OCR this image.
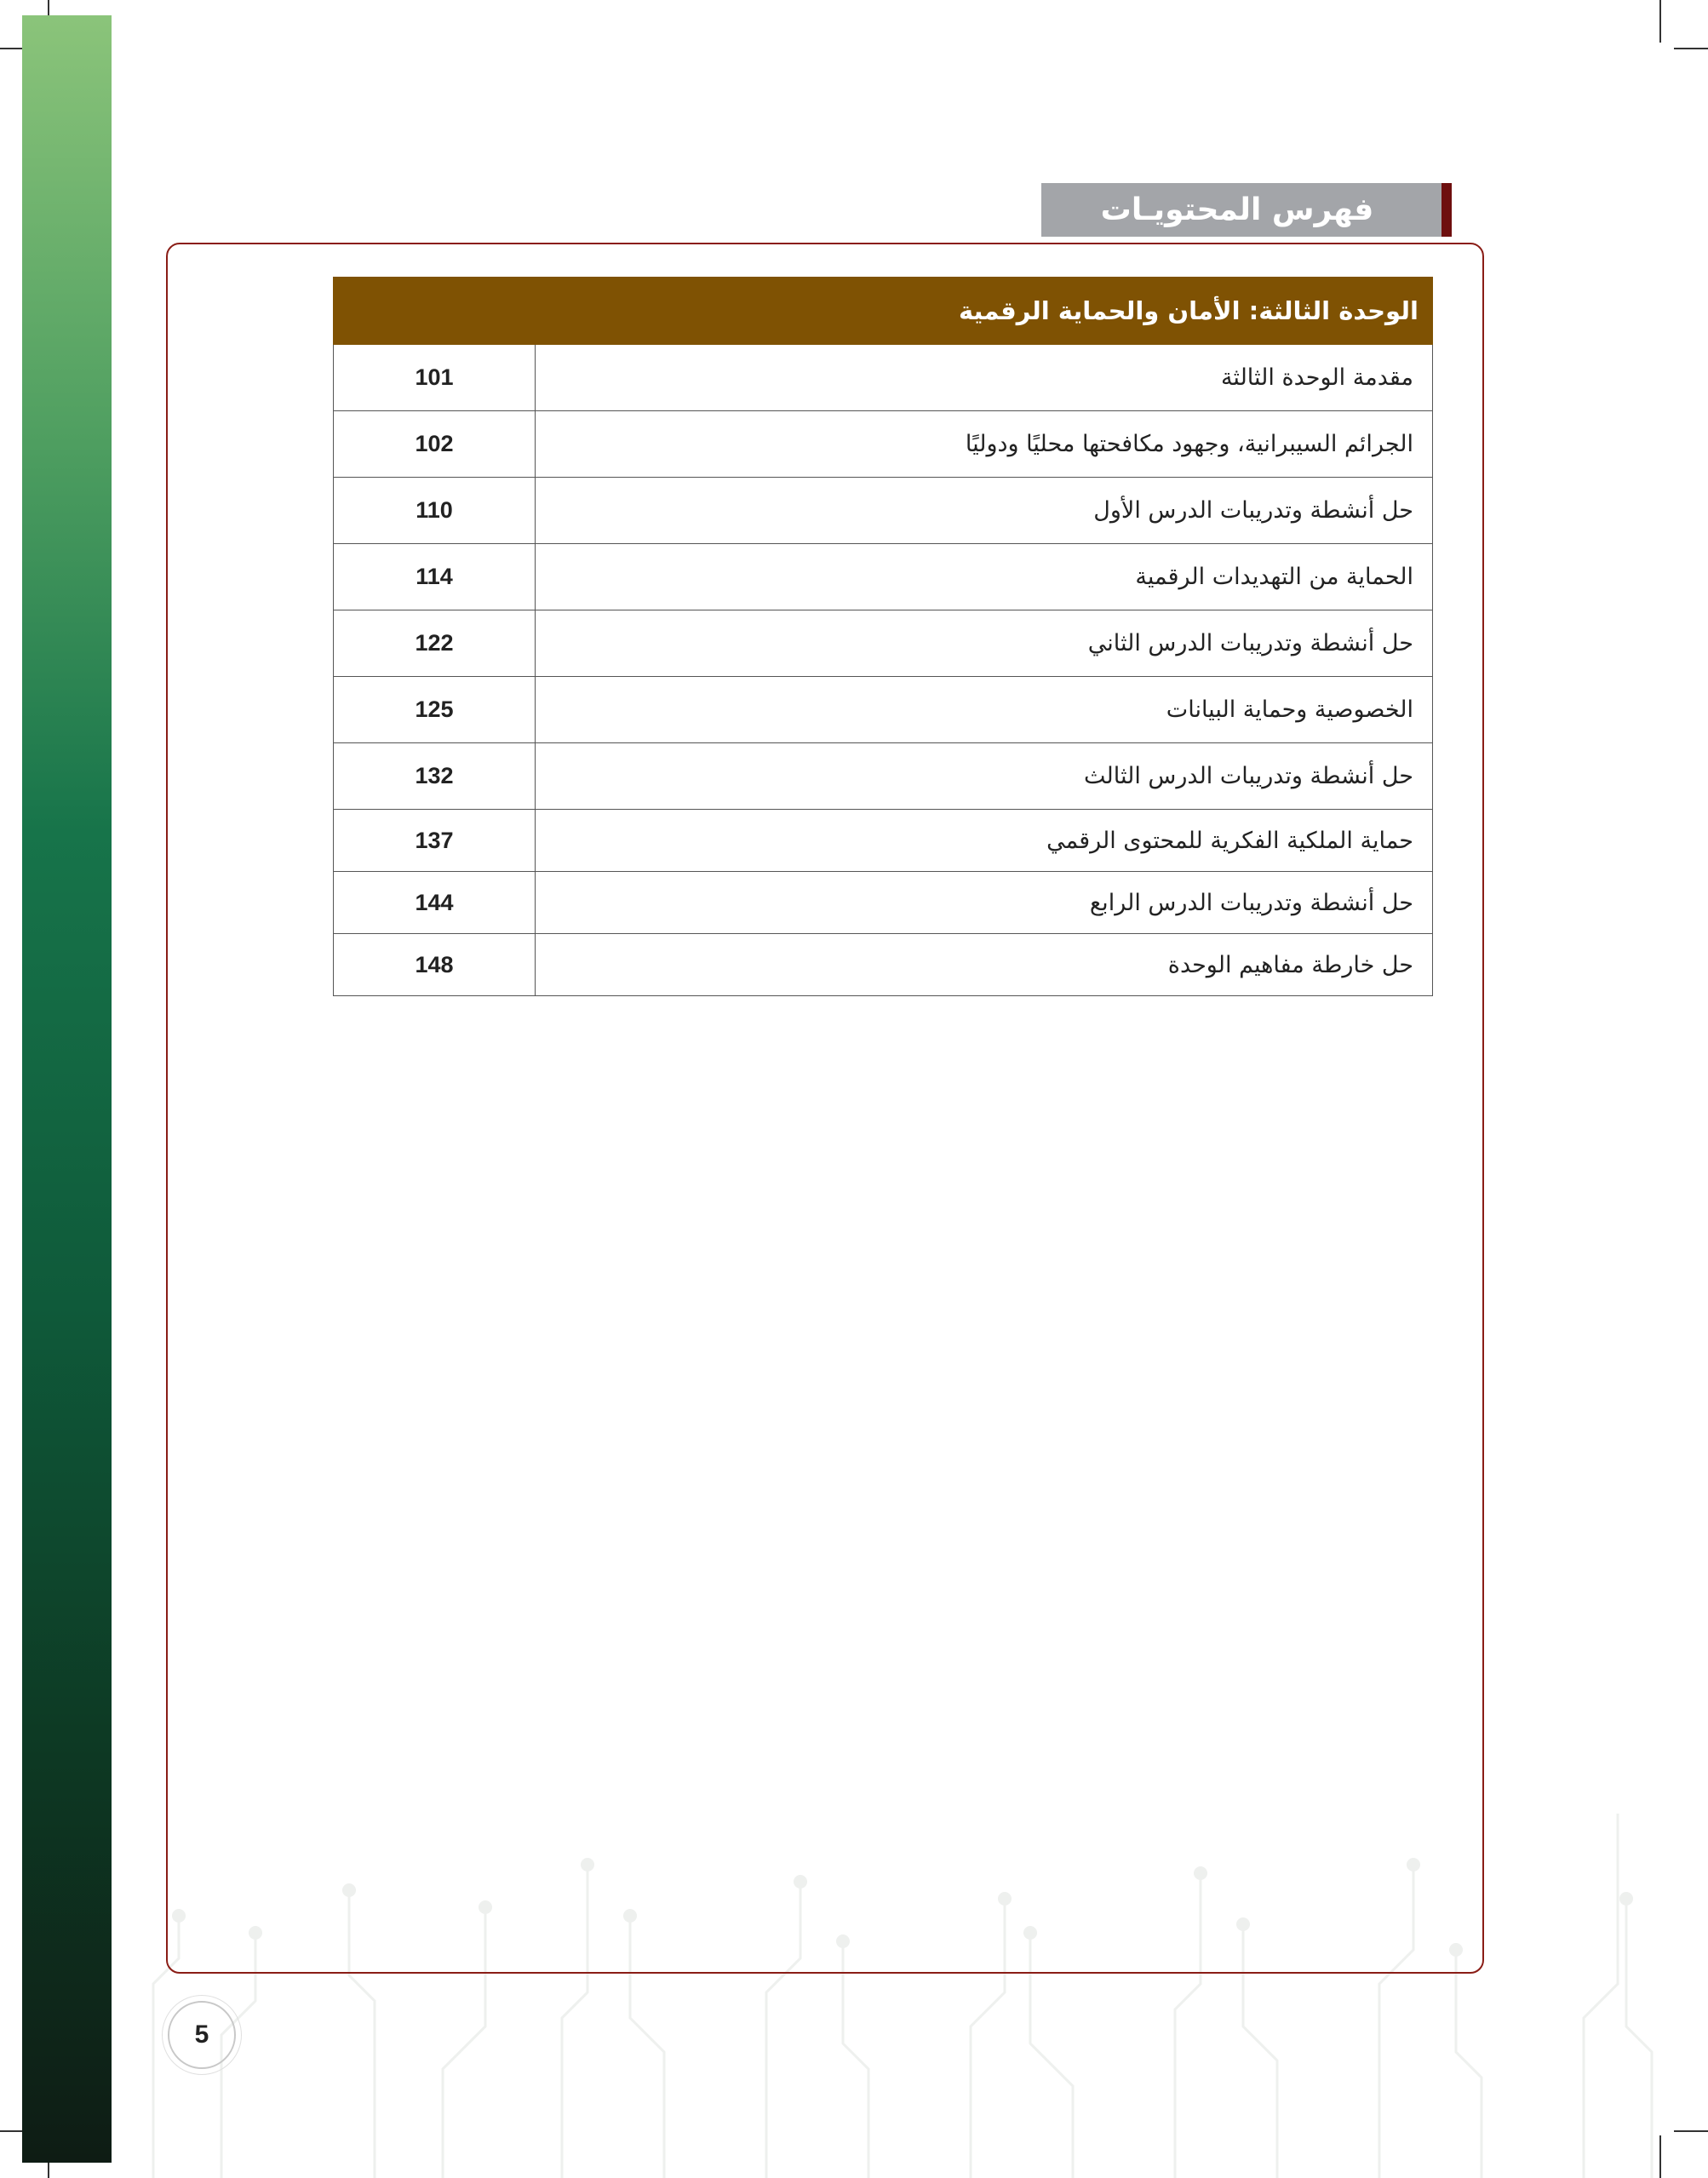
فهرس المحتويـات
الوحدة الثالثة: الأمان والحماية الرقمية	
مقدمة الوحدة الثالثة	101
الجرائم السيبرانية، وجهود مكافحتها محليًا ودوليًا	102
حل أنشطة وتدريبات الدرس الأول	110
الحماية من التهديدات الرقمية	114
حل أنشطة وتدريبات الدرس الثاني	122
الخصوصية وحماية البيانات	125
حل أنشطة وتدريبات الدرس الثالث	132
حماية الملكية الفكرية للمحتوى الرقمي	137
حل أنشطة وتدريبات الدرس الرابع	144
حل خارطة مفاهيم الوحدة	148
5
